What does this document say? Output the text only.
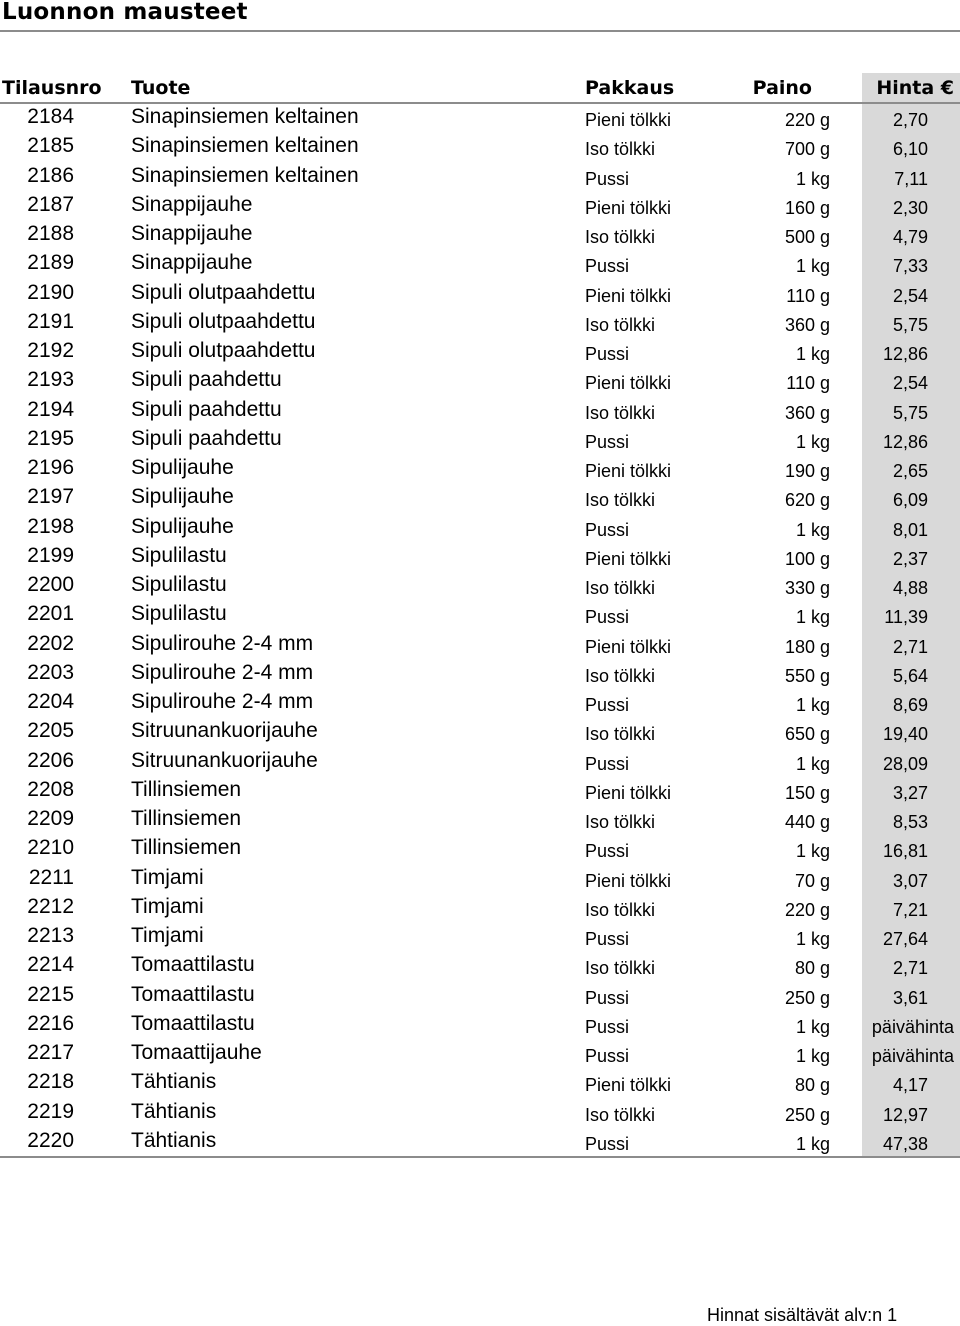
Luonnon mausteet
Tilausnro Tuote	Pakkaus	Paino	Hinta €
2184	Sinapinsiemen keltainen	Pieni tölkki	220 g	2,70
2185	Sinapinsiemen keltainen	Iso tölkki	700 g	6,10
2186	Sinapinsiemen keltainen	Pussi	1 kg	7,11
2187	Sinappijauhe	Pieni tölkki	160 g	2,30
2188	Sinappijauhe	Iso tölkki	500 g	4,79
2189	Sinappijauhe	Pussi	1 kg	7,33
2190	Sipuli olutpaahdettu	Pieni tölkki	110 g	2,54
2191	Sipuli olutpaahdettu	Iso tölkki	360 g	5,75
2192	Sipuli olutpaahdettu	Pussi	1 kg	12,86
2193	Sipuli paahdettu	Pieni tölkki	110 g	2,54
2194	Sipuli paahdettu	Iso tölkki	360 g	5,75
2195	Sipuli paahdettu	Pussi	1 kg	12,86
2196	Sipulijauhe	Pieni tölkki	190 g	2,65
2197	Sipulijauhe	Iso tölkki	620 g	6,09
2198	Sipulijauhe	Pussi	1 kg	8,01
2199	Sipulilastu	Pieni tölkki	100 g	2,37
2200	Sipulilastu	Iso tölkki	330 g	4,88
2201	Sipulilastu	Pussi	1 kg	11,39
2202	Sipulirouhe 2-4 mm	Pieni tölkki	180 g	2,71
2203	Sipulirouhe 2-4 mm	Iso tölkki	550 g	5,64
2204	Sipulirouhe 2-4 mm	Pussi	1 kg	8,69
2205	Sitruunankuorijauhe	Iso tölkki	650 g	19,40
2206	Sitruunankuorijauhe	Pussi	1 kg	28,09
2208	Tillinsiemen	Pieni tölkki	150 g	3,27
2209	Tillinsiemen	Iso tölkki	440 g	8,53
2210	Tillinsiemen	Pussi	1 kg	16,81
2211	Timjami	Pieni tölkki	70 g	3,07
2212	Timjami	Iso tölkki	220 g	7,21
2213	Timjami	Pussi	1 kg	27,64
2214	Tomaattilastu	Iso tölkki	80 g	2,71
2215	Tomaattilastu	Pussi	250 g	3,61
2216	Tomaattilastu	Pussi	1 kg	päivähinta
2217	Tomaattijauhe	Pussi	1 kg	päivähinta
2218	Tähtianis	Pieni tölkki	80 g	4,17
2219	Tähtianis	Iso tölkki	250 g	12,97
2220	Tähtianis	Pussi	1 kg	47,38
Hinnat sisältävät alv:n 1
